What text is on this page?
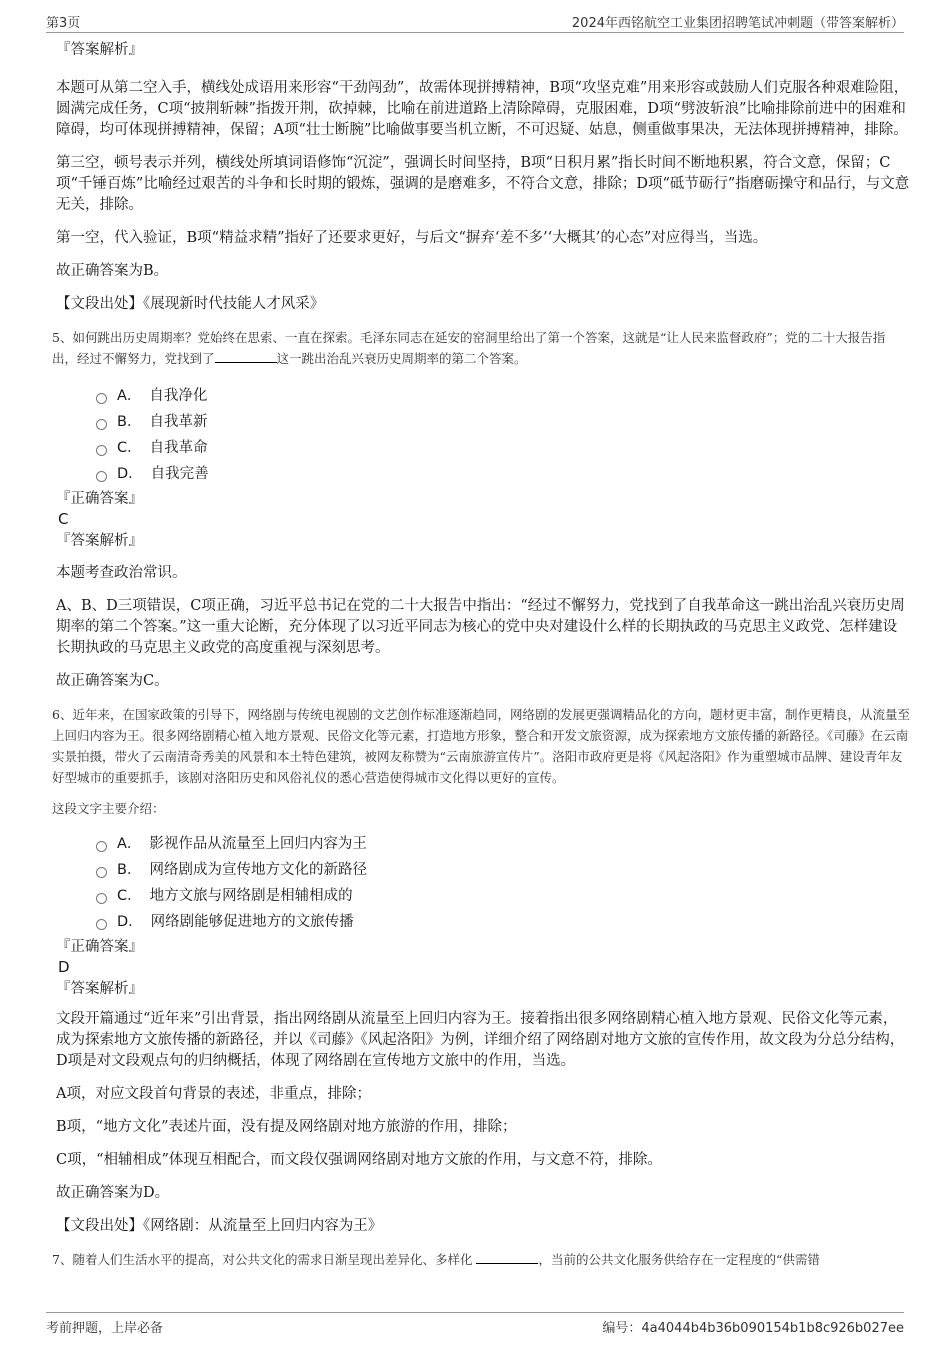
第3页	2024年西铭航空工业集团招聘笔试冲刺题（带答案解析）

『答案解析』

本题可从第二空入手，横线处成语用来形容“干劲闯劲”，故需体现拼搏精神，B项“攻坚克难”用来形容或鼓励人们克服各种艰难险阻，圆满完成任务，C项“披荆斩棘”指拨开荆，砍掉棘，比喻在前进道路上清除障碍，克服困难，D项“劈波斩浪”比喻排除前进中的困难和障碍，均可体现拼搏精神，保留；A项“壮士断腕”比喻做事要当机立断，不可迟疑、姑息，侧重做事果决，无法体现拼搏精神，排除。

第三空，顿号表示并列，横线处所填词语修饰“沉淀”，强调长时间坚持，B项“日积月累”指长时间不断地积累，符合文意，保留；C项“千锤百炼”比喻经过艰苦的斗争和长时期的锻炼，强调的是磨难多，不符合文意，排除；D项“砥节砺行”指磨砺操守和品行，与文意无关，排除。

第一空，代入验证，B项“精益求精”指好了还要求更好，与后文“摒弃‘差不多’‘大概其’的心态”对应得当，当选。

故正确答案为B。

【文段出处】《展现新时代技能人才风采》

5、如何跳出历史周期率？党始终在思索、一直在探索。毛泽东同志在延安的窑洞里给出了第一个答案，这就是“让人民来监督政府”；党的二十大报告指出，经过不懈努力，党找到了	这一跳出治乱兴衰历史周期率的第二个答案。

A． 自我净化
B． 自我革新
C． 自我革命
D． 自我完善

『正确答案』

C

『答案解析』

本题考查政治常识。

A、B、D三项错误，C项正确，习近平总书记在党的二十大报告中指出：“经过不懈努力，党找到了自我革命这一跳出治乱兴衰历史周期率的第二个答案。”这一重大论断，充分体现了以习近平同志为核心的党中央对建设什么样的长期执政的马克思主义政党、怎样建设长期执政的马克思主义政党的高度重视与深刻思考。

故正确答案为C。

6、近年来，在国家政策的引导下，网络剧与传统电视剧的文艺创作标准逐渐趋同，网络剧的发展更强调精品化的方向，题材更丰富，制作更精良，从流量至上回归内容为王。很多网络剧精心植入地方景观、民俗文化等元素，打造地方形象，整合和开发文旅资源，成为探索地方文旅传播的新路径。《司藤》在云南实景拍摄，带火了云南清奇秀美的风景和本土特色建筑，被网友称赞为“云南旅游宣传片”。洛阳市政府更是将《风起洛阳》作为重塑城市品牌、建设青年友好型城市的重要抓手，该剧对洛阳历史和风俗礼仪的悉心营造使得城市文化得以更好的宣传。

这段文字主要介绍：

A． 影视作品从流量至上回归内容为王
B． 网络剧成为宣传地方文化的新路径
C． 地方文旅与网络剧是相辅相成的
D． 网络剧能够促进地方的文旅传播

『正确答案』

D

『答案解析』

文段开篇通过“近年来”引出背景，指出网络剧从流量至上回归内容为王。接着指出很多网络剧精心植入地方景观、民俗文化等元素，成为探索地方文旅传播的新路径，并以《司藤》《风起洛阳》为例，详细介绍了网络剧对地方文旅的宣传作用，故文段为分总分结构，D项是对文段观点句的归纳概括，体现了网络剧在宣传地方文旅中的作用，当选。

A项，对应文段首句背景的表述，非重点，排除；

B项，“地方文化”表述片面，没有提及网络剧对地方旅游的作用，排除；

C项，“相辅相成”体现互相配合，而文段仅强调网络剧对地方文旅的作用，与文意不符，排除。

故正确答案为D。

【文段出处】《网络剧：从流量至上回归内容为王》

7、随着人们生活水平的提高，对公共文化的需求日渐呈现出差异化、多样化	，当前的公共文化服务供给存在一定程度的“供需错

考前押题，上岸必备	编号：4a4044b4b36b090154b1b8c926b027ee
